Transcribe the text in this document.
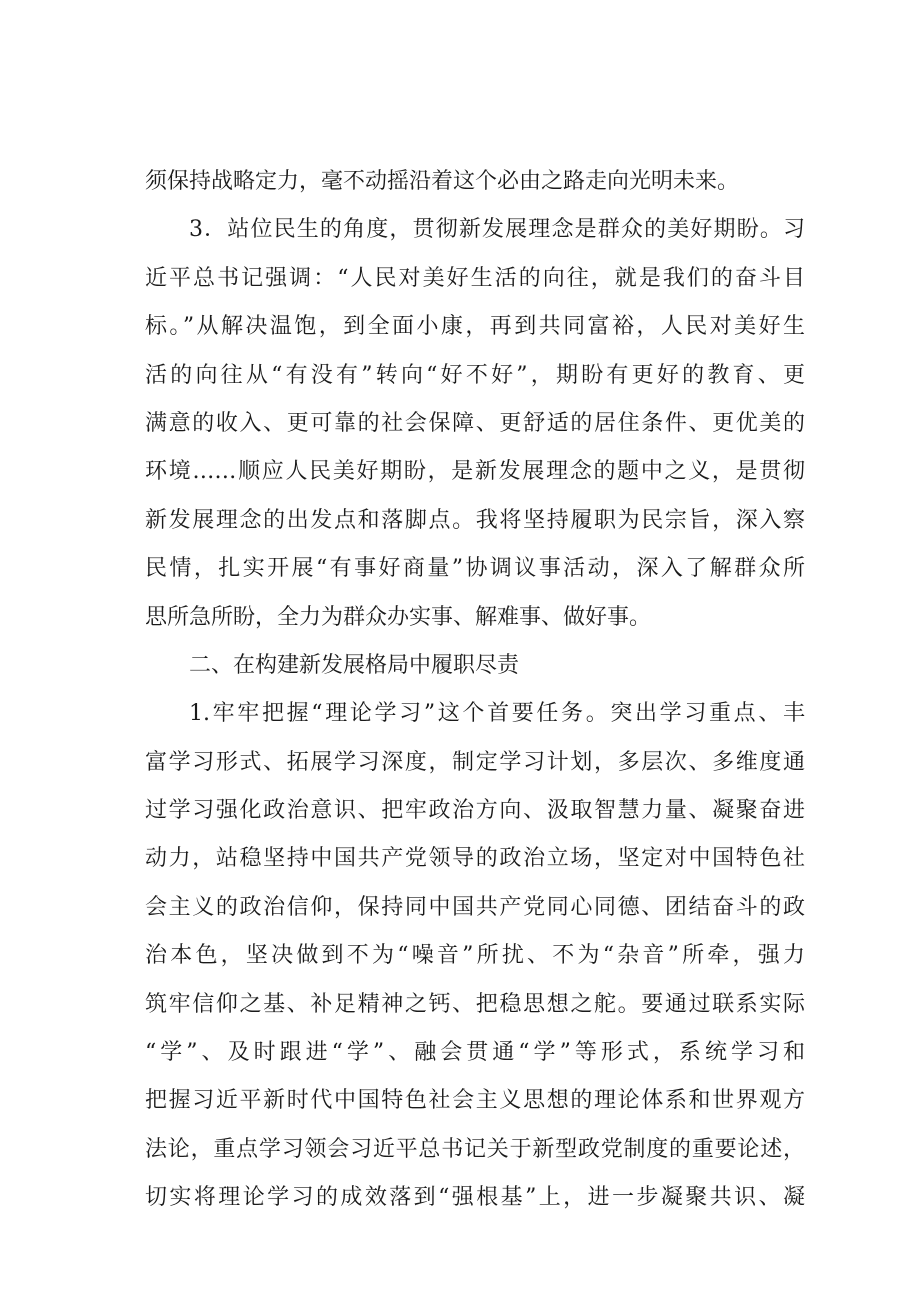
须保持战略定力，毫不动摇沿着这个必由之路走向光明未来。
3．站位民生的角度，贯彻新发展理念是群众的美好期盼。习
近平总书记强调：“人民对美好生活的向往，就是我们的奋斗目
标。”从解决温饱，到全面小康，再到共同富裕，人民对美好生
活的向往从“有没有”转向“好不好”，期盼有更好的教育、更
满意的收入、更可靠的社会保障、更舒适的居住条件、更优美的
环境……顺应人民美好期盼，是新发展理念的题中之义，是贯彻
新发展理念的出发点和落脚点。我将坚持履职为民宗旨，深入察
民情，扎实开展“有事好商量”协调议事活动，深入了解群众所
思所急所盼，全力为群众办实事、解难事、做好事。
二、在构建新发展格局中履职尽责
1.牢牢把握“理论学习”这个首要任务。突出学习重点、丰
富学习形式、拓展学习深度，制定学习计划，多层次、多维度通
过学习强化政治意识、把牢政治方向、汲取智慧力量、凝聚奋进
动力，站稳坚持中国共产党领导的政治立场，坚定对中国特色社
会主义的政治信仰，保持同中国共产党同心同德、团结奋斗的政
治本色，坚决做到不为“噪音”所扰、不为“杂音”所牵，强力
筑牢信仰之基、补足精神之钙、把稳思想之舵。要通过联系实际
“学”、及时跟进“学”、融会贯通“学”等形式，系统学习和
把握习近平新时代中国特色社会主义思想的理论体系和世界观方
法论，重点学习领会习近平总书记关于新型政党制度的重要论述，
切实将理论学习的成效落到“强根基”上，进一步凝聚共识、凝
